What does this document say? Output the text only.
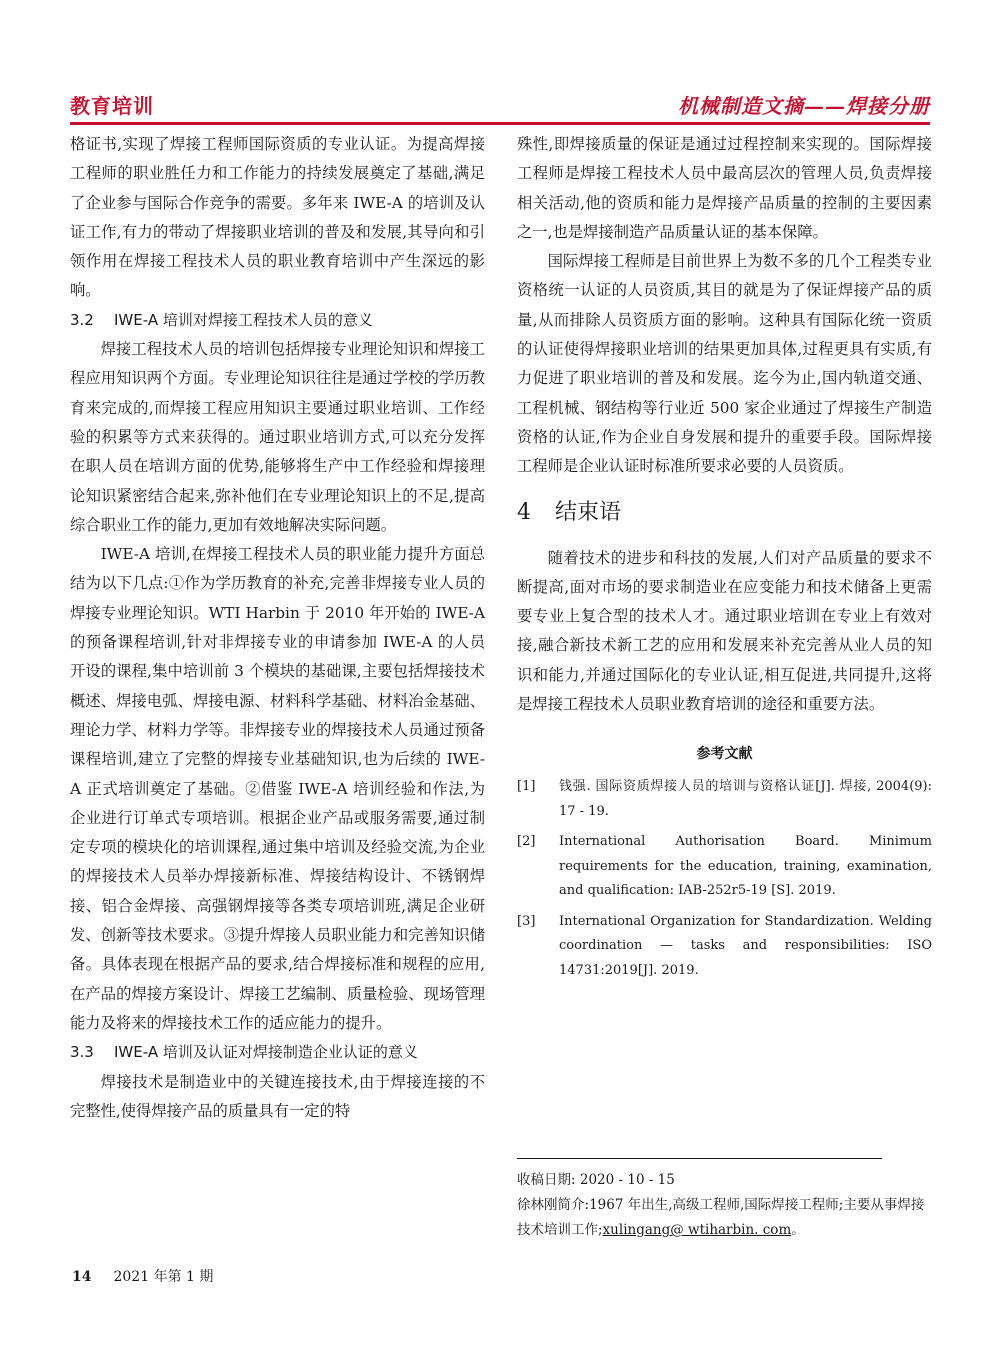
教育培训	机械制造文摘——焊接分册

格证书,实现了焊接工程师国际资质的专业认证。为提高焊接工程师的职业胜任力和工作能力的持续发展奠定了基础,满足了企业参与国际合作竞争的需要。多年来 IWE-A 的培训及认证工作,有力的带动了焊接职业培训的普及和发展,其导向和引领作用在焊接工程技术人员的职业教育培训中产生深远的影响。

3.2 IWE-A 培训对焊接工程技术人员的意义

焊接工程技术人员的培训包括焊接专业理论知识和焊接工程应用知识两个方面。专业理论知识往往是通过学校的学历教育来完成的,而焊接工程应用知识主要通过职业培训、工作经验的积累等方式来获得的。通过职业培训方式,可以充分发挥在职人员在培训方面的优势,能够将生产中工作经验和焊接理论知识紧密结合起来,弥补他们在专业理论知识上的不足,提高综合职业工作的能力,更加有效地解决实际问题。

IWE-A 培训,在焊接工程技术人员的职业能力提升方面总结为以下几点:①作为学历教育的补充,完善非焊接专业人员的焊接专业理论知识。WTI Harbin 于 2010 年开始的 IWE-A 的预备课程培训,针对非焊接专业的申请参加 IWE-A 的人员开设的课程,集中培训前 3 个模块的基础课,主要包括焊接技术概述、焊接电弧、焊接电源、材料科学基础、材料冶金基础、理论力学、材料力学等。非焊接专业的焊接技术人员通过预备课程培训,建立了完整的焊接专业基础知识,也为后续的 IWE-A 正式培训奠定了基础。②借鉴 IWE-A 培训经验和作法,为企业进行订单式专项培训。根据企业产品或服务需要,通过制定专项的模块化的培训课程,通过集中培训及经验交流,为企业的焊接技术人员举办焊接新标准、焊接结构设计、不锈钢焊接、铝合金焊接、高强钢焊接等各类专项培训班,满足企业研发、创新等技术要求。③提升焊接人员职业能力和完善知识储备。具体表现在根据产品的要求,结合焊接标准和规程的应用,在产品的焊接方案设计、焊接工艺编制、质量检验、现场管理能力及将来的焊接技术工作的适应能力的提升。

3.3 IWE-A 培训及认证对焊接制造企业认证的意义

焊接技术是制造业中的关键连接技术,由于焊接连接的不完整性,使得焊接产品的质量具有一定的特

殊性,即焊接质量的保证是通过过程控制来实现的。国际焊接工程师是焊接工程技术人员中最高层次的管理人员,负责焊接相关活动,他的资质和能力是焊接产品质量的控制的主要因素之一,也是焊接制造产品质量认证的基本保障。

国际焊接工程师是目前世界上为数不多的几个工程类专业资格统一认证的人员资质,其目的就是为了保证焊接产品的质量,从而排除人员资质方面的影响。这种具有国际化统一资质的认证使得焊接职业培训的结果更加具体,过程更具有实质,有力促进了职业培训的普及和发展。迄今为止,国内轨道交通、工程机械、钢结构等行业近 500 家企业通过了焊接生产制造资格的认证,作为企业自身发展和提升的重要手段。国际焊接工程师是企业认证时标准所要求必要的人员资质。

4 结束语

随着技术的进步和科技的发展,人们对产品质量的要求不断提高,面对市场的要求制造业在应变能力和技术储备上更需要专业上复合型的技术人才。通过职业培训在专业上有效对接,融合新技术新工艺的应用和发展来补充完善从业人员的知识和能力,并通过国际化的专业认证,相互促进,共同提升,这将是焊接工程技术人员职业教育培训的途径和重要方法。

参考文献
[1] 钱强. 国际资质焊接人员的培训与资格认证[J]. 焊接, 2004(9): 17 - 19.
[2] International Authorisation Board. Minimum requirements for the education, training, examination, and qualification: IAB-252r5-19 [S]. 2019.
[3] International Organization for Standardization. Welding coordination — tasks and responsibilities: ISO 14731:2019[J]. 2019.

收稿日期: 2020 - 10 - 15

徐林刚简介:1967 年出生,高级工程师,国际焊接工程师;主要从事焊接技术培训工作;xulingang@ wtiharbin. com。

14 2021 年第 1 期
